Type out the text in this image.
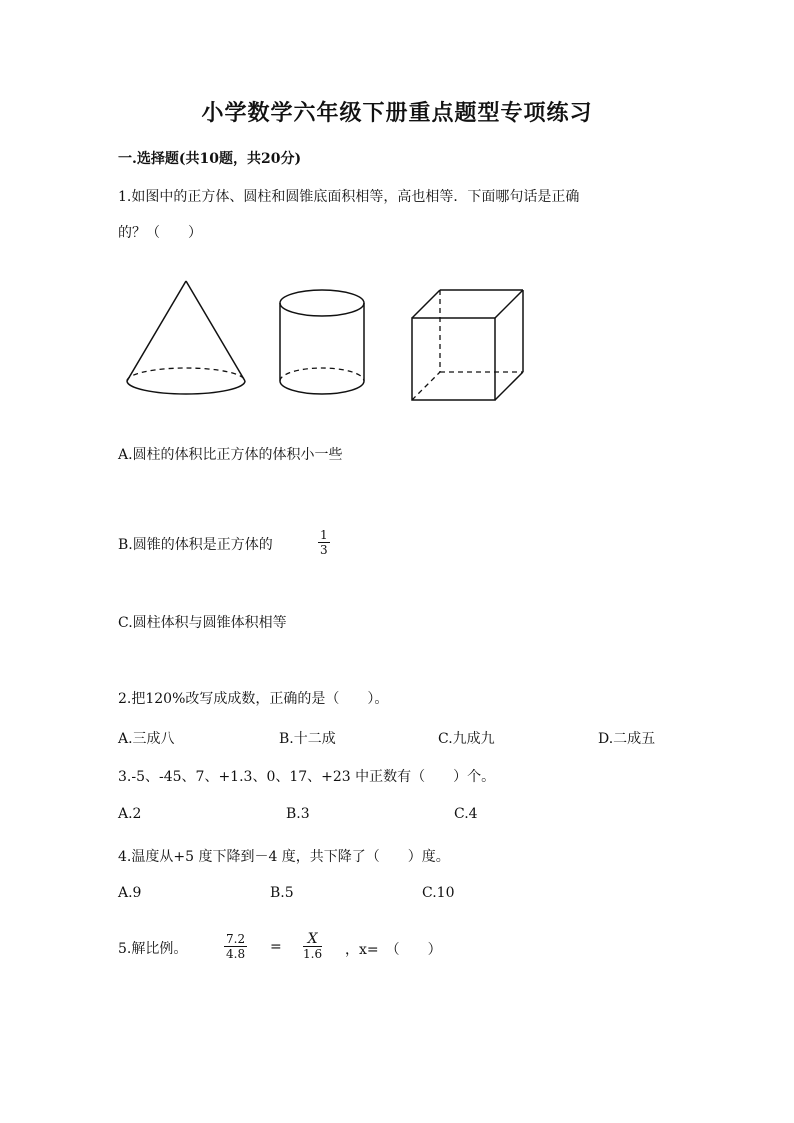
小学数学六年级下册重点题型专项练习
一.选择题(共10题，共20分)
1.如图中的正方体、圆柱和圆锥底面积相等，高也相等．下面哪句话是正确
的？（　　）
A.圆柱的体积比正方体的体积小一些
B.圆锥的体积是正方体的	$\frac{1}{3}$
C.圆柱体积与圆锥体积相等
2.把120%改写成成数，正确的是（　　）。
A.三成八	B.十二成	C.九成九	D.二成五
3.-5、-45、7、+1.3、0、17、+23 中正数有（　　）个。
A.2	B.3	C.4
4.温度从+5 度下降到－4 度，共下降了（　　）度。
A.9	B.5	C.10
5.解比例。	$\frac{7.2}{4.8} = \frac{X}{1.6}$ ，x=　（　　）
